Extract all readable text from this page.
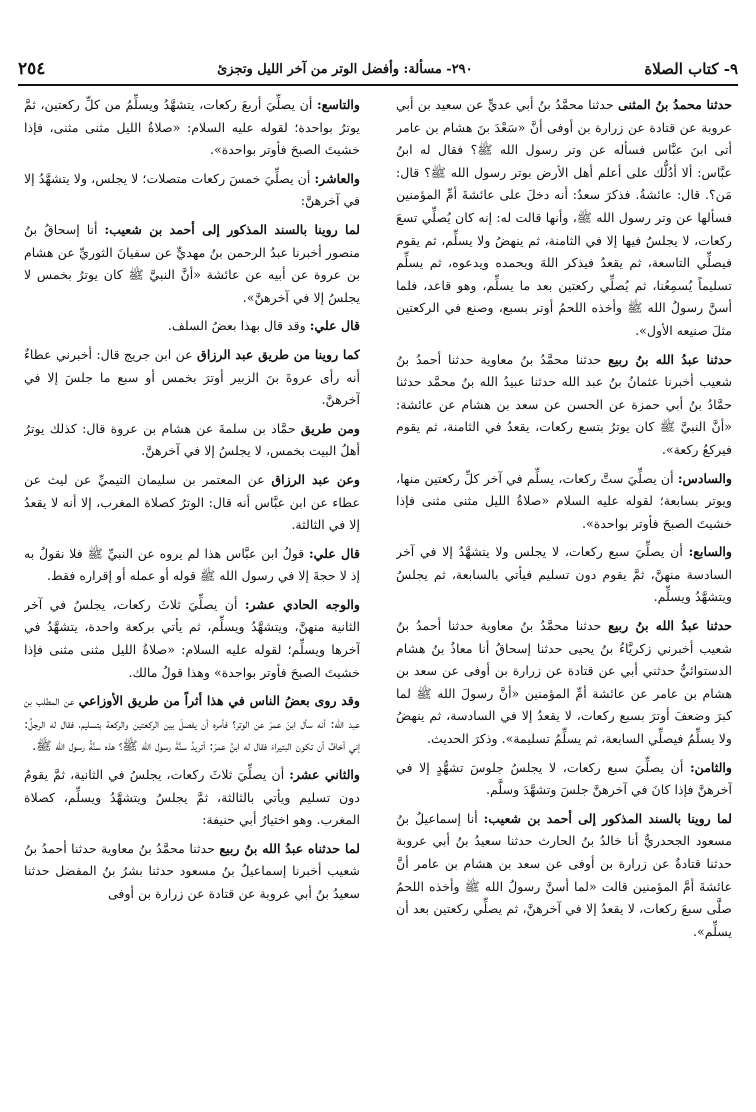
٩- كتاب الصلاة
٢٩٠- مسألة: وأفضل الوتر من آخر الليل وتجزئ
٢٥٤

حدثنا محمدُ بنُ المثنى حدثنا محمَّدُ بنُ أبي عديٍّ عن سعيد بن أبي عروبة عن قتادة عن زرارة بن أوفى أنَّ «سَعْدَ بنَ هشام بن عامر أتى ابنَ عبَّاس فسأله عن وتر رسول الله ﷺ؟ فقال له ابنُ عبَّاس: ألا أدُلُّك على أعلم أهل الأرض بوتر رسول الله ﷺ؟ قال: مَن؟. قال: عائشةُ. فذكرَ سعدٌ: أنه دخلَ على عائشةَ أمِّ المؤمنين فسألها عن وتر رسول الله ﷺ، وأنها قالت له: إنه كان يُصلِّي تسعَ ركعات، لا يجلسُ فيها إلا في الثامنة، ثم ينهضُ ولا يسلِّم، ثم يقوم فيصلِّي التاسعة، ثم يقعدُ فيذكر اللهَ ويحمده ويدعوه، ثم يسلِّم تسليماً يُسمِعُنا، ثم يُصلِّي ركعتين بعد ما يسلِّم، وهو قاعد، فلما أسنَّ رسولُ الله ﷺ وأخذه اللحمُ أوتر بسبع، وصنع في الركعتين مثلَ صنيعه الأول».

حدثنا عبدُ الله بنُ ربيع حدثنا محمَّدُ بنُ معاوية حدثنا أحمدُ بنُ شعيب أخبرنا عثمانُ بنُ عبد الله حدثنا عبيدُ الله بنُ محمَّد حدثنا حمَّادُ بنُ أبي حمزة عن الحسن عن سعد بن هشام عن عائشة: «أنَّ النبيَّ ﷺ كان يوترُ بتسع ركعات، يقعدُ في الثامنة، ثم يقوم فيركعُ ركعة».

والسادس: أن يصلِّيَ ستَّ ركعات، يسلِّم في آخر كلِّ ركعتين منها، ويوتر بسابعة؛ لقوله عليه السلام «صلاةُ الليل مثنى مثنى فإذا خشيتَ الصبحَ فأوتر بواحدة».

والسابع: أن يصلِّيَ سبع ركعات، لا يجلس ولا يتشهَّدُ إلا في آخر السادسة منهنَّ، ثمَّ يقوم دون تسليم فيأتي بالسابعة، ثم يجلسُ ويتشهَّدُ ويسلِّم.

حدثنا عبدُ الله بنُ ربيع حدثنا محمَّدُ بنُ معاوية حدثنا أحمدُ بنُ شعيب أخبرني زكريَّاءُ بنُ يحيى حدثنا إسحاقُ أنا معاذُ بنُ هشام الدستوائيُّ حدثني أبي عن قتادة عن زرارة بن أوفى عن سعد بن هشام بن عامر عن عائشة أمِّ المؤمنين «أنَّ رسولَ الله ﷺ لما كبرَ وضعفَ أوترَ بسبع ركعات، لا يقعدُ إلا في السادسة، ثم ينهضُ ولا يسلِّمُ فيصلِّي السابعة، ثم يسلِّمُ تسليمة». وذكرَ الحديث.

والثامن: أن يصلِّيَ سبع ركعات، لا يجلسُ جلوسَ تشهُّدٍ إلا في آخرهنَّ فإذا كانَ في آخرهنَّ جلسَ وتشهَّدَ وسلَّم.

لما روينا بالسند المذكور إلى أحمد بن شعيب: أنا إسماعيلُ بنُ مسعود الجحدريُّ أنا خالدُ بنُ الحارث حدثنا سعيدُ بنُ أبي عروبة حدثنا قتادةُ عن زرارة بن أوفى عن سعد بن هشام بن عامر أنَّ عائشةَ أمَّ المؤمنين قالت «لما أسنَّ رسولُ الله ﷺ وأخذه اللحمُ صلَّى سبعَ ركعات، لا يقعدُ إلا في آخرهنَّ، ثم يصلِّي ركعتين بعد أن يسلِّم».

والتاسع: أن يصلِّيَ أربعَ ركعات، يتشهَّدُ ويسلِّمُ من كلِّ ركعتين، ثمَّ يوترُ بواحدة؛ لقوله عليه السلام: «صلاةُ الليل مثنى مثنى، فإذا خشيتَ الصبحَ فأوتر بواحدة».

والعاشر: أن يصلِّيَ خمسَ ركعات متصلات؛ لا يجلس، ولا يتشهَّدُ إلا في آخرهنَّ:

لما روينا بالسند المذكور إلى أحمد بن شعيب: أنا إسحاقُ بنُ منصور أخبرنا عبدُ الرحمن بنُ مهديٍّ عن سفيانَ الثوريِّ عن هشام بن عروة عن أبيه عن عائشة «أنَّ النبيَّ ﷺ كان يوترُ بخمس لا يجلسُ إلا في آخرهنَّ».

قال علي: وقد قال بهذا بعضُ السلف.

كما روينا من طريق عبد الرزاق عن ابن جريج قال: أخبرني عطاءٌ أنه رأى عروةَ بنَ الزبير أوترَ بخمس أو سبع ما جلسَ إلا في آخرهنَّ.

ومن طريق حمَّاد بن سلمةَ عن هشام بن عروة قال: كذلك يوترُ أهلُ البيت بخمس، لا يجلسُ إلا في آخرهنَّ.

وعن عبد الرزاق عن المعتمر بن سليمان التيميِّ عن ليث عن عطاء عن ابن عبَّاس أنه قال: الوترُ كصلاة المغرب، إلا أنه لا يقعدُ إلا في الثالثة.

قال علي: قولُ ابن عبَّاس هذا لم يروه عن النبيِّ ﷺ فلا نقولُ به إذ لا حجةَ إلا في رسول الله ﷺ قوله أو عمله أو إقراره فقط.

والوجه الحادي عشر: أن يصلِّيَ ثلاثَ ركعات، يجلسُ في آخر الثانية منهنَّ، ويتشهَّدُ ويسلِّم، ثم يأتي بركعة واحدة، يتشهَّدُ في آخرها ويسلِّم؛ لقوله عليه السلام: «صلاةُ الليل مثنى مثنى فإذا خشيتَ الصبحَ فأوتر بواحدة» وهذا قولُ مالك.

وقد روى بعضُ الناس في هذا أثراً من طريق الأوزاعي عن المطلب بن عبد الله: أنه سأل ابنَ عمرَ عن الوتر؟ فأمره أن يفصلَ بين الركعتين والركعة بتسليم، فقال له الرجلُ: إني أخافُ أن تكون البتيراءَ فقال له ابنُ عمرَ: أتريدُ سنَّةَ رسول الله ﷺ؟ هذه سنَّةُ رسول الله ﷺ.

والثاني عشر: أن يصلِّيَ ثلاثَ ركعات، يجلسُ في الثانية، ثمَّ يقومُ دون تسليم ويأتي بالثالثة، ثمَّ يجلسُ ويتشهَّدُ ويسلِّم، كصلاة المغرب. وهو اختيارُ أبي حنيفة:

لما حدثناه عبدُ الله بنُ ربيع حدثنا محمَّدُ بنُ معاوية حدثنا أحمدُ بنُ شعيب أخبرنا إسماعيلُ بنُ مسعود حدثنا بشرُ بنُ المفضل حدثنا سعيدُ بنُ أبي عروبة عن قتادة عن زرارة بن أوفى
